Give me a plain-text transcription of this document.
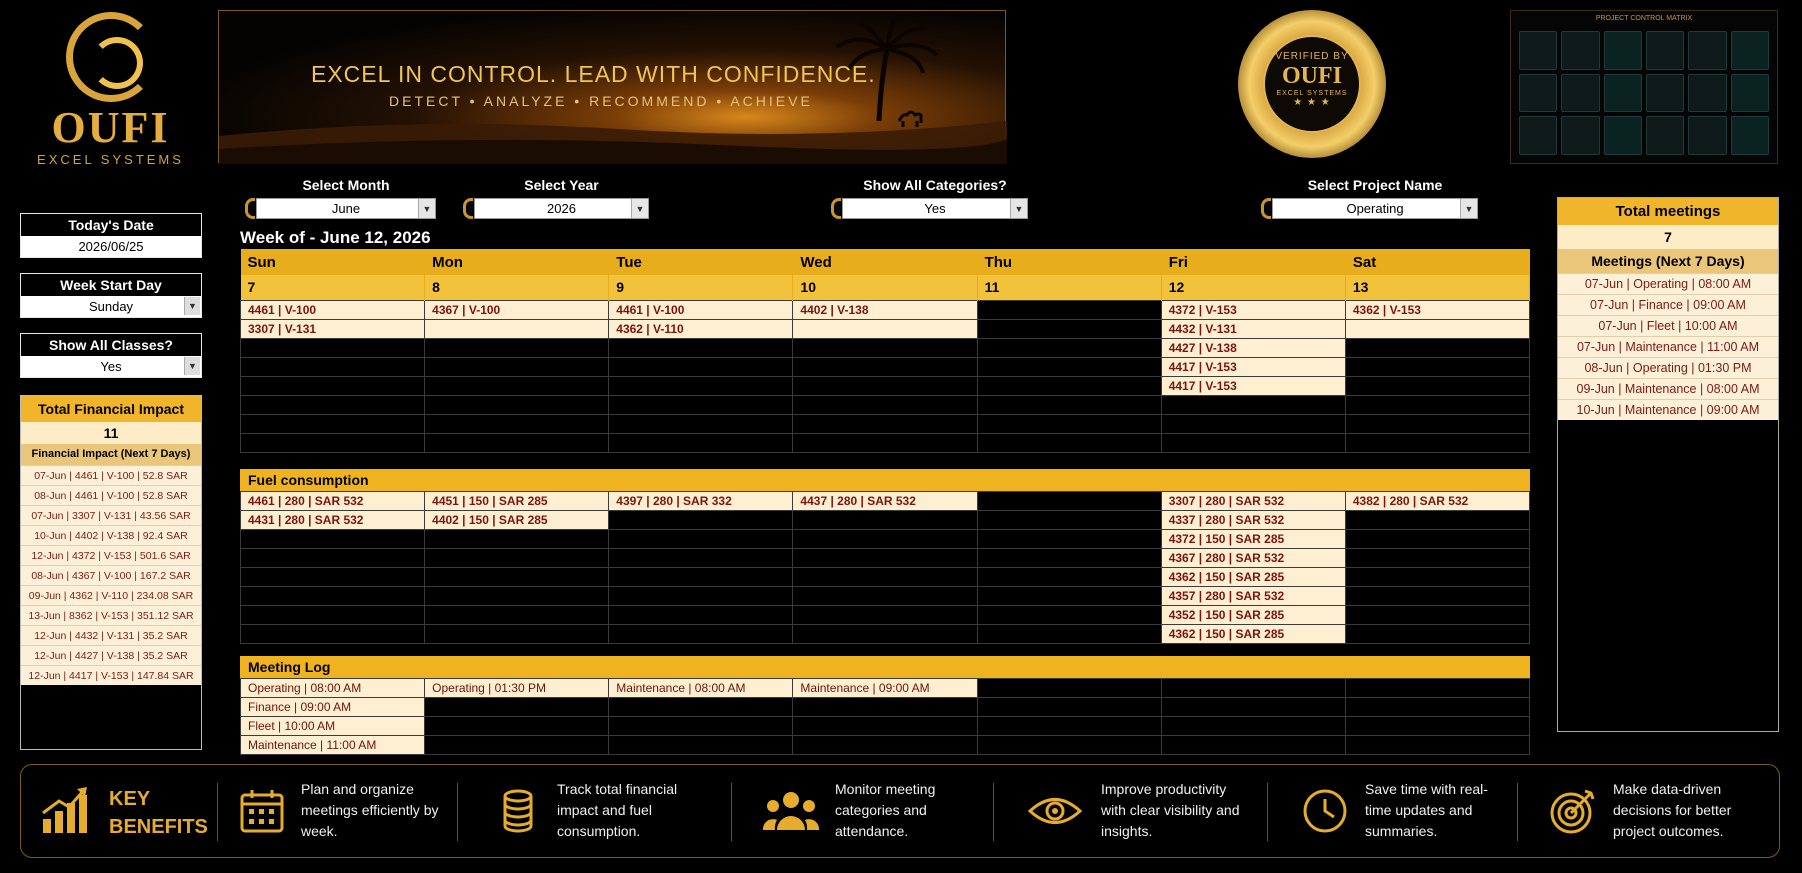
OUFI
EXCEL SYSTEMS
EXCEL IN CONTROL. LEAD WITH CONFIDENCE.
DETECT • ANALYZE • RECOMMEND • ACHIEVE
VERIFIED BY
OUFI
EXCEL SYSTEMS
★ ★ ★
PROJECT CONTROL MATRIX
Select Month
June	▼
Select Year
2026	▼
Show All Categories?
Yes	▼
Select Project Name
Operating	▼
Today's Date
2026/06/25
Week Start Day
Sunday	▼
Show All Classes?
Yes	▼
Total Financial Impact
11
Financial Impact (Next 7 Days)
07-Jun | 4461 | V-100 | 52.8 SAR
08-Jun | 4461 | V-100 | 52.8 SAR
07-Jun | 3307 | V-131 | 43.56 SAR
10-Jun | 4402 | V-138 | 92.4 SAR
12-Jun | 4372 | V-153 | 501.6 SAR
08-Jun | 4367 | V-100 | 167.2 SAR
09-Jun | 4362 | V-110 | 234.08 SAR
13-Jun | 8362 | V-153 | 351.12 SAR
12-Jun | 4432 | V-131 | 35.2 SAR
12-Jun | 4427 | V-138 | 35.2 SAR
12-Jun | 4417 | V-153 | 147.84 SAR
Week of - June 12, 2026
Sun	Mon	Tue	Wed	Thu	Fri	Sat
7	8	9	10	11	12	13
4461 | V-100	4367 | V-100	4461 | V-100	4402 | V-138		4372 | V-153	4362 | V-153
3307 | V-131		4362 | V-110			4432 | V-131	
					4427 | V-138	
					4417 | V-153	
					4417 | V-153	

Fuel consumption
4461 | 280 | SAR 532	4451 | 150 | SAR 285	4397 | 280 | SAR 332	4437 | 280 | SAR 532		3307 | 280 | SAR 532	4382 | 280 | SAR 532
4431 | 280 | SAR 532	4402 | 150 | SAR 285				4337 | 280 | SAR 532	
					4372 | 150 | SAR 285	
					4367 | 280 | SAR 532	
					4362 | 150 | SAR 285	
					4357 | 280 | SAR 532	
					4352 | 150 | SAR 285	
					4362 | 150 | SAR 285	
Meeting Log
Operating | 08:00 AM	Operating | 01:30 PM	Maintenance | 08:00 AM	Maintenance | 09:00 AM			
Finance | 09:00 AM						
Fleet | 10:00 AM						
Maintenance | 11:00 AM						
Total meetings
7
Meetings (Next 7 Days)
07-Jun | Operating | 08:00 AM
07-Jun | Finance | 09:00 AM
07-Jun | Fleet | 10:00 AM
07-Jun | Maintenance | 11:00 AM
08-Jun | Operating | 01:30 PM
09-Jun | Maintenance | 08:00 AM
10-Jun | Maintenance | 09:00 AM
KEY
BENEFITS
Plan and organize meetings efficiently by week.
Track total financial impact and fuel consumption.
Monitor meeting categories and attendance.
Improve productivity with clear visibility and insights.
Save time with real-time updates and summaries.
Make data-driven decisions for better project outcomes.
